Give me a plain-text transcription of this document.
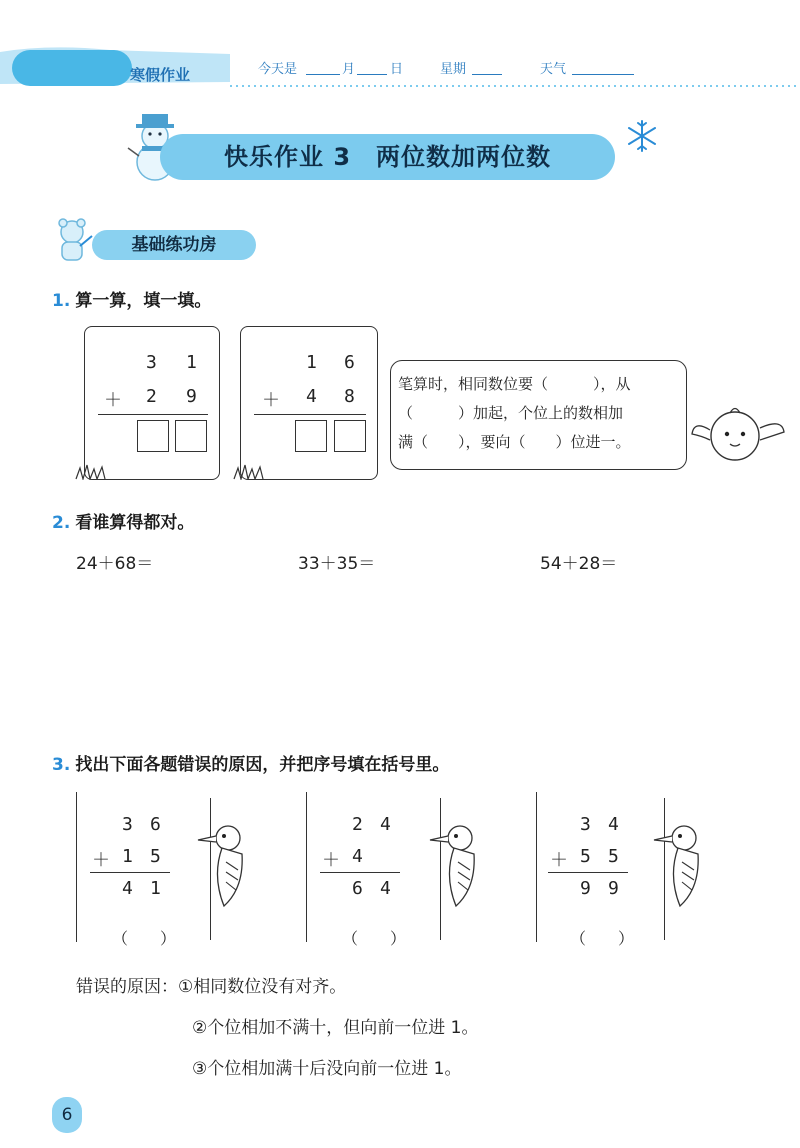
寒假作业	今天是	月	日	星期	天气
快乐作业 3　两位数加两位数
基础练功房
1. 算一算，填一填。
3 1
＋ 2 9
1 6
＋ 4 8
笔算时，相同数位要（　　　），从
（　　　）加起，个位上的数相加
满（　　），要向（　　）位进一。
2. 看谁算得都对。
24＋68＝	33＋35＝	54＋28＝
3. 找出下面各题错误的原因，并把序号填在括号里。
3 6
＋ 1 5
4 1
（　　）
2 4
＋ 4
6 4
（　　）
3 4
＋ 5 5
9 9
（　　）
错误的原因：①相同数位没有对齐。
②个位相加不满十，但向前一位进 1。
③个位相加满十后没向前一位进 1。
6
